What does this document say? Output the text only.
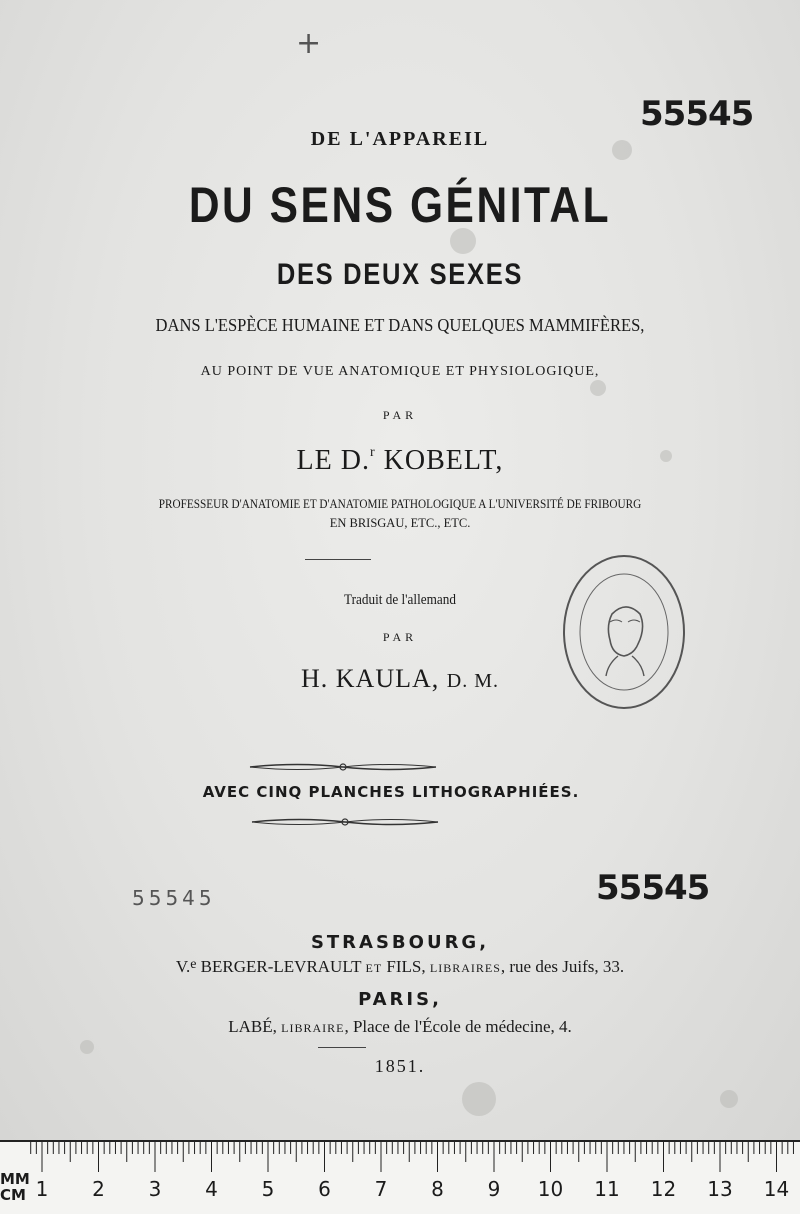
+
55545
DE L'APPAREIL
DU SENS GÉNITAL
DES DEUX SEXES
DANS L'ESPÈCE HUMAINE ET DANS QUELQUES MAMMIFÈRES,
AU POINT DE VUE ANATOMIQUE ET PHYSIOLOGIQUE,
PAR
LE D.$^r$ KOBELT,
PROFESSEUR D'ANATOMIE ET D'ANATOMIE PATHOLOGIQUE A L'UNIVERSITÉ DE FRIBOURG
EN BRISGAU, ETC., ETC.
Traduit de l'allemand
PAR
H. KAULA, D. M.
AVEC CINQ PLANCHES LITHOGRAPHIÉES.
55545	55545
STRASBOURG,
V.$^e$ BERGER-LEVRAULT ET FILS, LIBRAIRES, rue des Juifs, 33.
PARIS,
LABÉ, LIBRAIRE, Place de l'École de médecine, 4.
1851.
MM
CM 1 2 3 4 5 6 7 8 9 10 11 12 13 14
